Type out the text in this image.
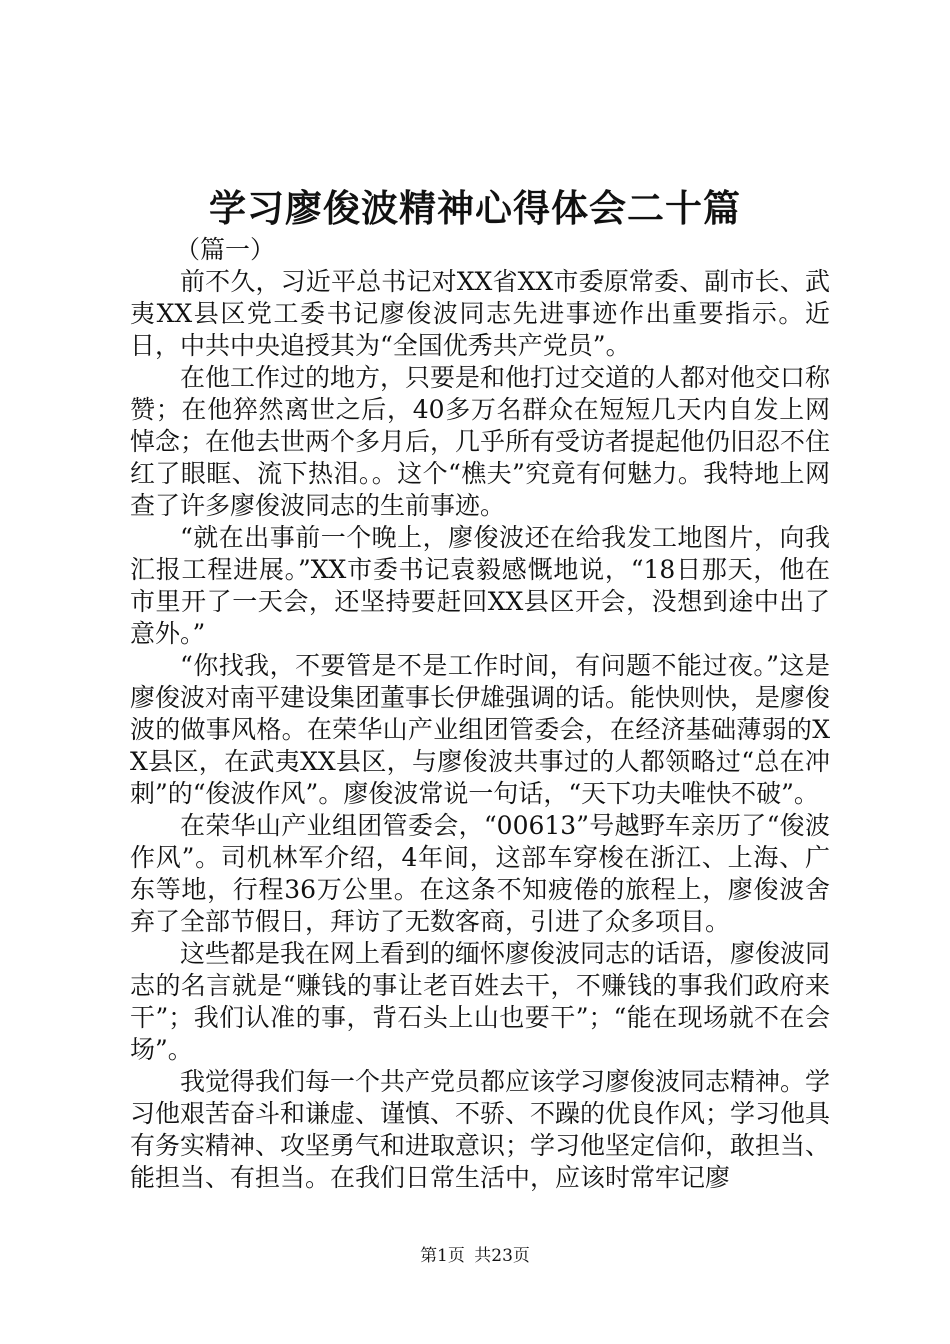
学习廖俊波精神心得体会二十篇

（篇一）

前不久，习近平总书记对XX省XX市委原常委、副市长、武夷XX县区党工委书记廖俊波同志先进事迹作出重要指示。近日，中共中央追授其为“全国优秀共产党员”。

在他工作过的地方，只要是和他打过交道的人都对他交口称赞；在他猝然离世之后，40多万名群众在短短几天内自发上网悼念；在他去世两个多月后，几乎所有受访者提起他仍旧忍不住红了眼眶、流下热泪。。这个“樵夫”究竟有何魅力。我特地上网查了许多廖俊波同志的生前事迹。

“就在出事前一个晚上，廖俊波还在给我发工地图片，向我汇报工程进展。”XX市委书记袁毅感慨地说，“18日那天，他在市里开了一天会，还坚持要赶回XX县区开会，没想到途中出了意外。”

“你找我，不要管是不是工作时间，有问题不能过夜。”这是廖俊波对南平建设集团董事长伊雄强调的话。能快则快，是廖俊波的做事风格。在荣华山产业组团管委会，在经济基础薄弱的XX县区，在武夷XX县区，与廖俊波共事过的人都领略过“总在冲刺”的“俊波作风”。廖俊波常说一句话，“天下功夫唯快不破”。

在荣华山产业组团管委会，“00613”号越野车亲历了“俊波作风”。司机林军介绍，4年间，这部车穿梭在浙江、上海、广东等地，行程36万公里。在这条不知疲倦的旅程上，廖俊波舍弃了全部节假日，拜访了无数客商，引进了众多项目。

这些都是我在网上看到的缅怀廖俊波同志的话语，廖俊波同志的名言就是“赚钱的事让老百姓去干，不赚钱的事我们政府来干”；我们认准的事，背石头上山也要干”；“能在现场就不在会场”。

我觉得我们每一个共产党员都应该学习廖俊波同志精神。学习他艰苦奋斗和谦虚、谨慎、不骄、不躁的优良作风；学习他具有务实精神、攻坚勇气和进取意识；学习他坚定信仰，敢担当、能担当、有担当。在我们日常生活中，应该时常牢记廖

第1页 共23页
